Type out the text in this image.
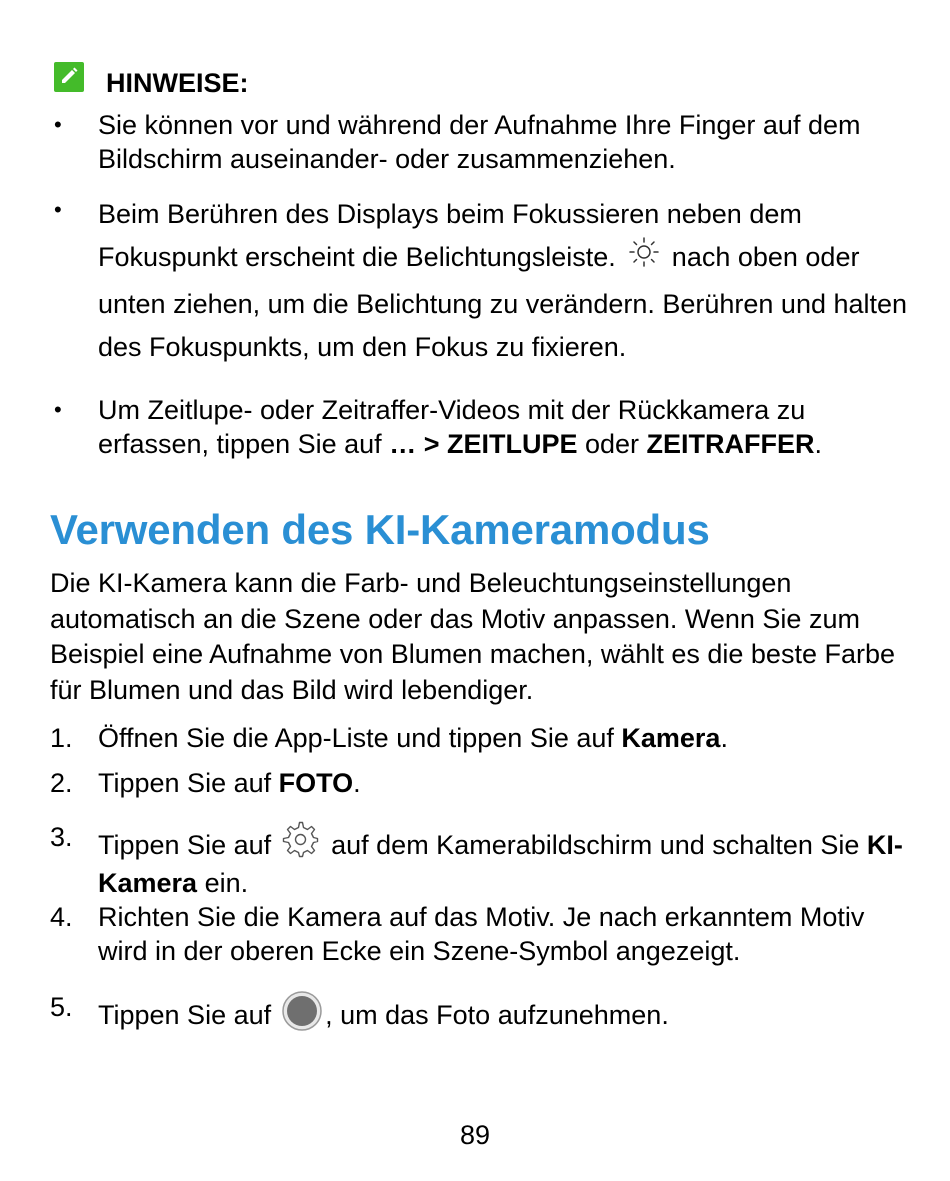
HINWEISE:
• Sie können vor und während der Aufnahme Ihre Finger auf dem Bildschirm auseinander- oder zusammenziehen.
• Beim Berühren des Displays beim Fokussieren neben dem Fokuspunkt erscheint die Belichtungsleiste. nach oben oder unten ziehen, um die Belichtung zu verändern. Berühren und halten des Fokuspunkts, um den Fokus zu fixieren.
• Um Zeitlupe- oder Zeitraffer-Videos mit der Rückkamera zu erfassen, tippen Sie auf … > ZEITLUPE oder ZEITRAFFER.
Verwenden des KI-Kameramodus
Die KI-Kamera kann die Farb- und Beleuchtungseinstellungen automatisch an die Szene oder das Motiv anpassen. Wenn Sie zum Beispiel eine Aufnahme von Blumen machen, wählt es die beste Farbe für Blumen und das Bild wird lebendiger.
1. Öffnen Sie die App-Liste und tippen Sie auf Kamera.
2. Tippen Sie auf FOTO.
3. Tippen Sie auf auf dem Kamerabildschirm und schalten Sie KI-Kamera ein.
4. Richten Sie die Kamera auf das Motiv. Je nach erkanntem Motiv wird in der oberen Ecke ein Szene-Symbol angezeigt.
5. Tippen Sie auf , um das Foto aufzunehmen.
89
